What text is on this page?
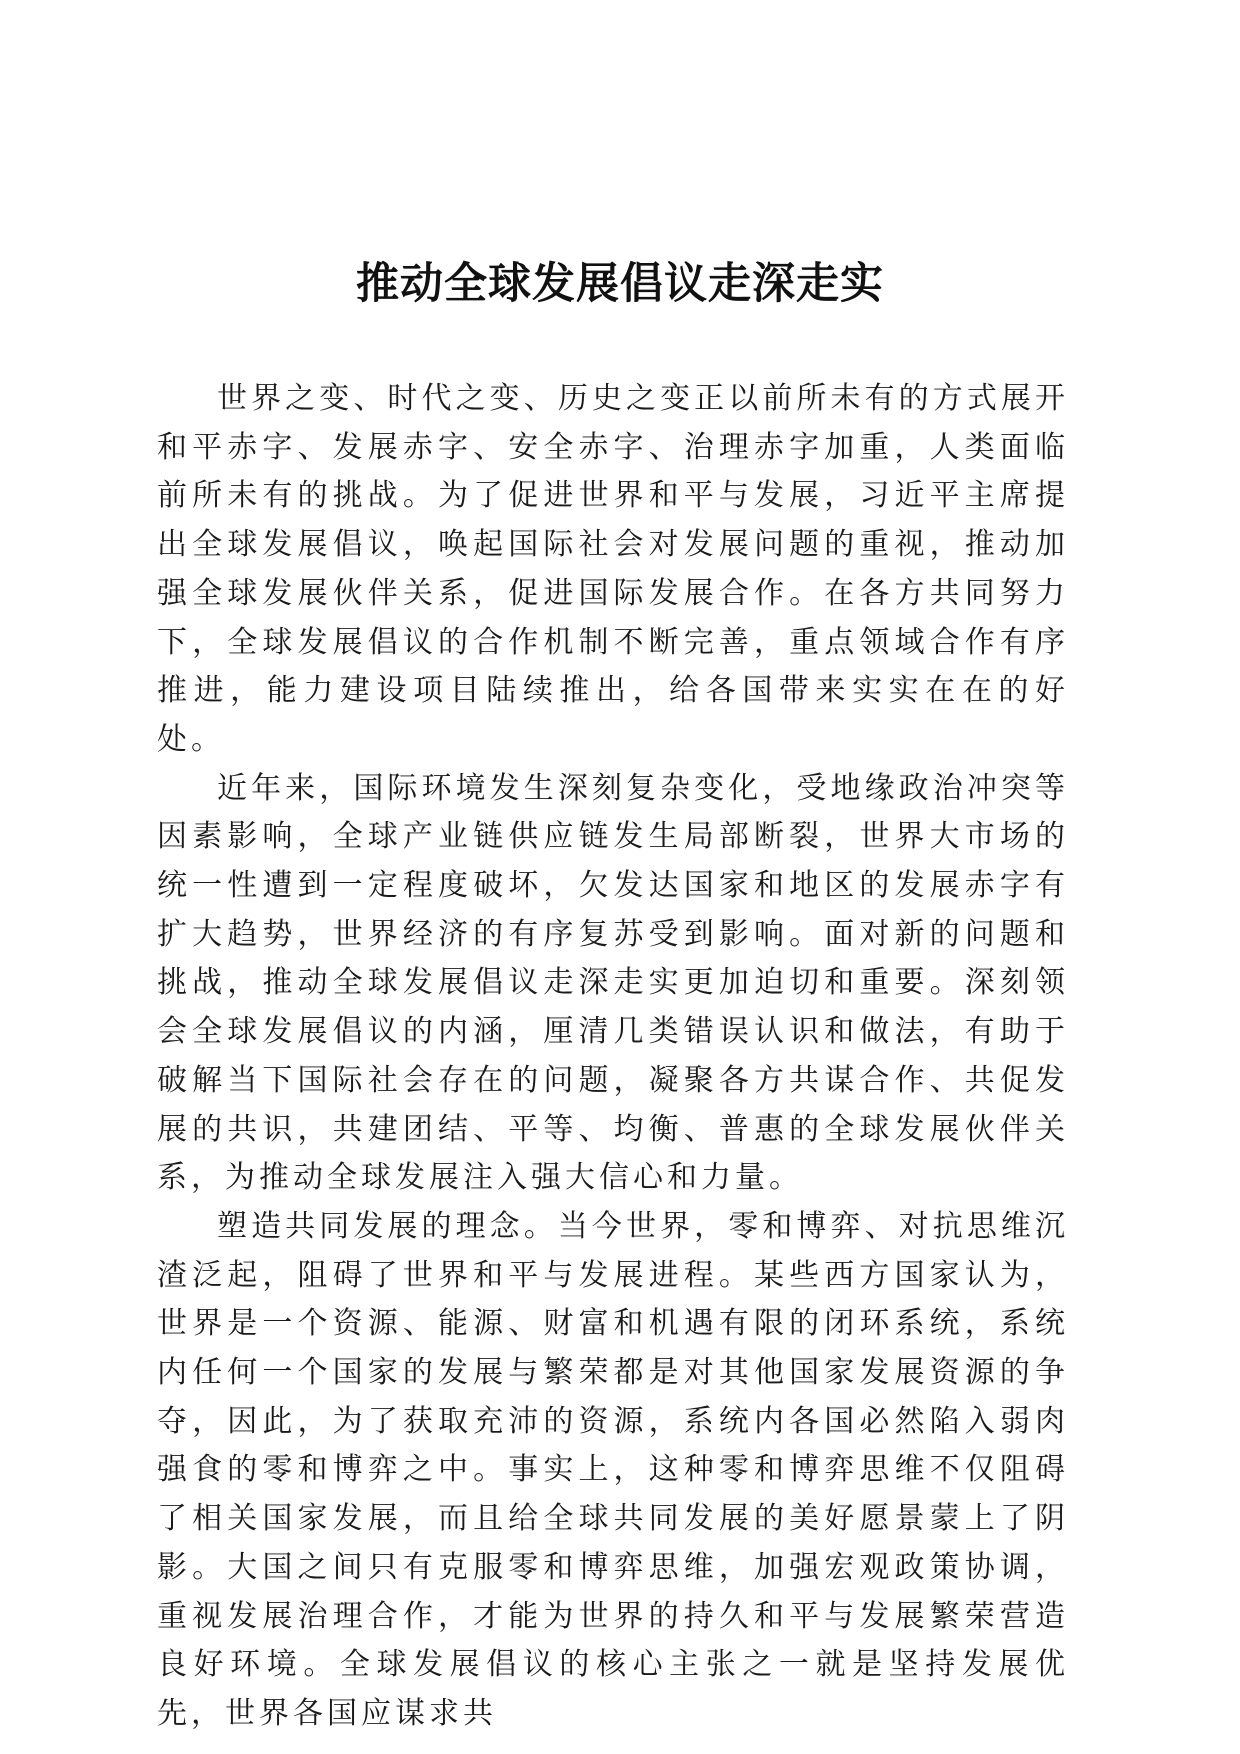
推动全球发展倡议走深走实

世界之变、时代之变、历史之变正以前所未有的方式展开和平赤字、发展赤字、安全赤字、治理赤字加重，人类面临前所未有的挑战。为了促进世界和平与发展，习近平主席提出全球发展倡议，唤起国际社会对发展问题的重视，推动加强全球发展伙伴关系，促进国际发展合作。在各方共同努力下，全球发展倡议的合作机制不断完善，重点领域合作有序推进，能力建设项目陆续推出，给各国带来实实在在的好处。

近年来，国际环境发生深刻复杂变化，受地缘政治冲突等因素影响，全球产业链供应链发生局部断裂，世界大市场的统一性遭到一定程度破坏，欠发达国家和地区的发展赤字有扩大趋势，世界经济的有序复苏受到影响。面对新的问题和挑战，推动全球发展倡议走深走实更加迫切和重要。深刻领会全球发展倡议的内涵，厘清几类错误认识和做法，有助于破解当下国际社会存在的问题，凝聚各方共谋合作、共促发展的共识，共建团结、平等、均衡、普惠的全球发展伙伴关系，为推动全球发展注入强大信心和力量。

塑造共同发展的理念。当今世界，零和博弈、对抗思维沉渣泛起，阻碍了世界和平与发展进程。某些西方国家认为，世界是一个资源、能源、财富和机遇有限的闭环系统，系统内任何一个国家的发展与繁荣都是对其他国家发展资源的争夺，因此，为了获取充沛的资源，系统内各国必然陷入弱肉强食的零和博弈之中。事实上，这种零和博弈思维不仅阻碍了相关国家发展，而且给全球共同发展的美好愿景蒙上了阴影。大国之间只有克服零和博弈思维，加强宏观政策协调，重视发展治理合作，才能为世界的持久和平与发展繁荣营造良好环境。全球发展倡议的核心主张之一就是坚持发展优先，世界各国应谋求共
